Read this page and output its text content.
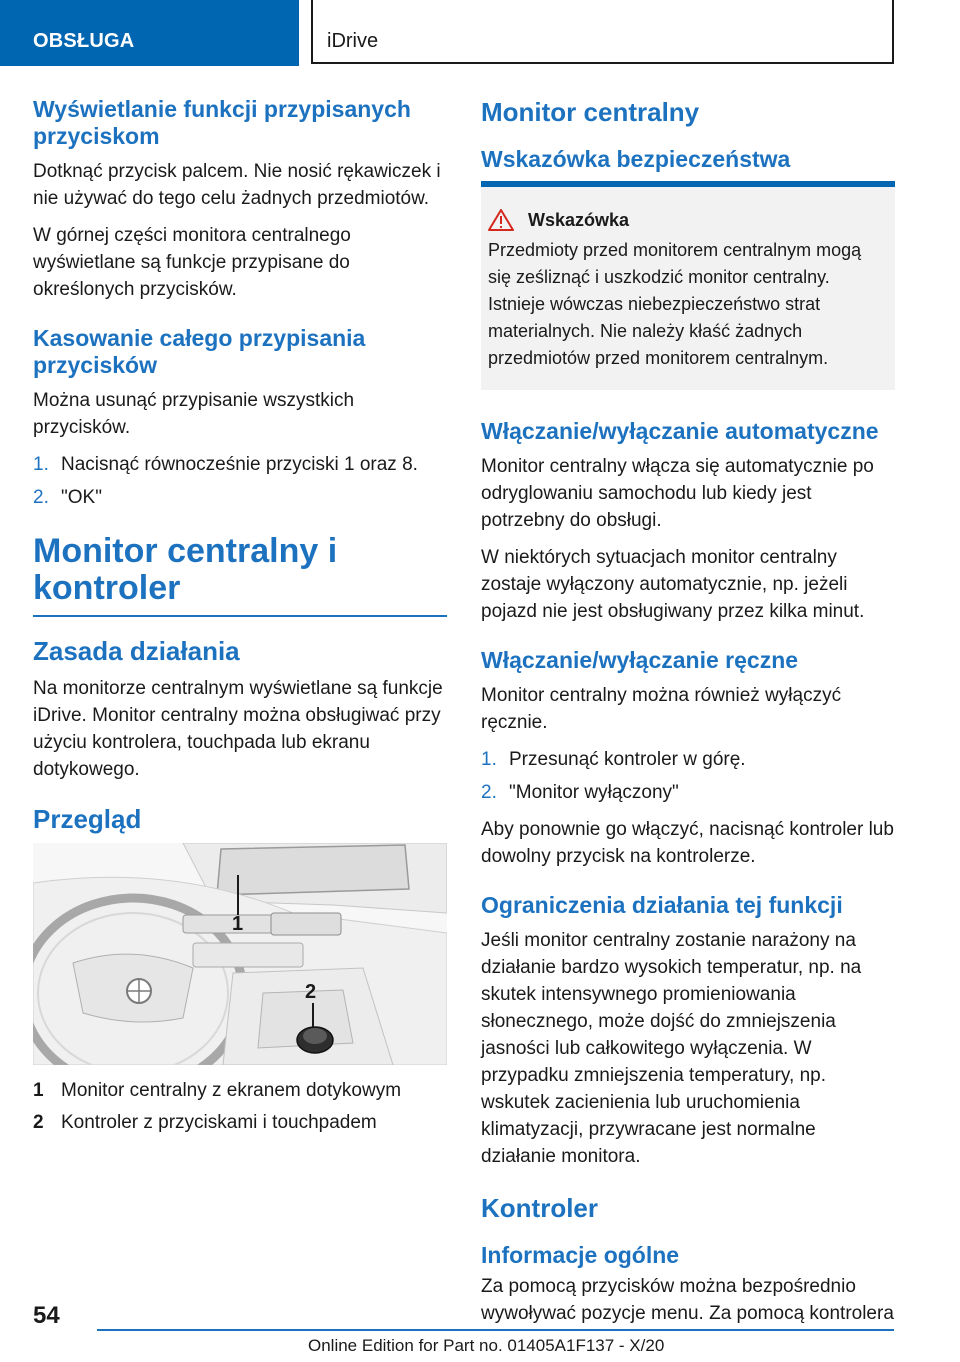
OBSŁUGA	iDrive
Wyświetlanie funkcji przypisanych przyciskom

Dotknąć przycisk palcem. Nie nosić rękawiczek i nie używać do tego celu żadnych przedmiotów.

W górnej części monitora centralnego wyświetlane są funkcje przypisane do określonych przycisków.

Kasowanie całego przypisania przycisków

Można usunąć przypisanie wszystkich przycisków.

1. Nacisnąć równocześnie przyciski 1 oraz 8.
2. "OK"
Monitor centralny i kontroler
Zasada działania

Na monitorze centralnym wyświetlane są funkcje iDrive. Monitor centralny można obsługiwać przy użyciu kontrolera, touchpada lub ekranu dotykowego.

Przegląd
1
2
1 Monitor centralny z ekranem dotykowym
2 Kontroler z przyciskami i touchpadem
Monitor centralny
Wskazówka bezpieczeństwa
Wskazówka

Przedmioty przed monitorem centralnym mogą się ześliznąć i uszkodzić monitor centralny. Istnieje wówczas niebezpieczeństwo strat materialnych. Nie należy kłaść żadnych przedmiotów przed monitorem centralnym.

Włączanie/wyłączanie automatyczne

Monitor centralny włącza się automatycznie po odryglowaniu samochodu lub kiedy jest potrzebny do obsługi.

W niektórych sytuacjach monitor centralny zostaje wyłączony automatycznie, np. jeżeli pojazd nie jest obsługiwany przez kilka minut.

Włączanie/wyłączanie ręczne

Monitor centralny można również wyłączyć ręcznie.

1. Przesunąć kontroler w górę.
2. "Monitor wyłączony"

Aby ponownie go włączyć, nacisnąć kontroler lub dowolny przycisk na kontrolerze.

Ograniczenia działania tej funkcji

Jeśli monitor centralny zostanie narażony na działanie bardzo wysokich temperatur, np. na skutek intensywnego promieniowania słonecznego, może dojść do zmniejszenia jasności lub całkowitego wyłączenia. W przypadku zmniejszenia temperatury, np. wskutek zacienienia lub uruchomienia klimatyzacji, przywracane jest normalne działanie monitora.

Kontroler
Informacje ogólne

Za pomocą przycisków można bezpośrednio wywoływać pozycje menu. Za pomocą kontrolera

54
Online Edition for Part no. 01405A1F137 - X/20
